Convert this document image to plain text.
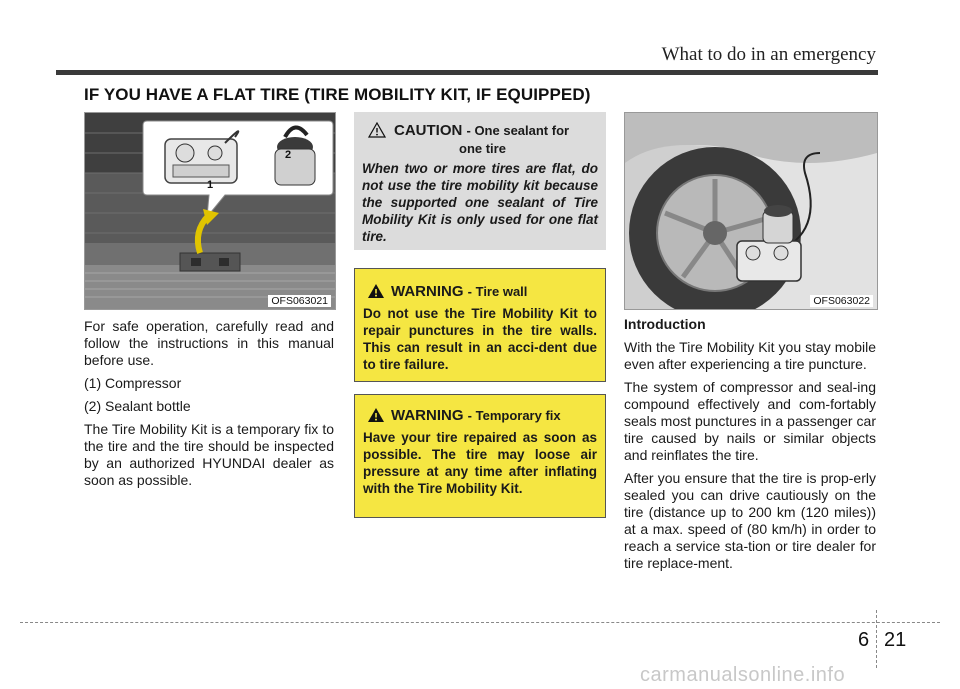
What to do in an emergency
IF YOU HAVE A FLAT TIRE (TIRE MOBILITY KIT, IF EQUIPPED)
1
2
OFS063021

For safe operation, carefully read and follow the instructions in this manual before use.

(1) Compressor

(2) Sealant bottle

The Tire Mobility Kit is a temporary fix to the tire and the tire should be inspected by an authorized HYUNDAI dealer as soon as possible.

CAUTION - One sealant for
one tire
When two or more tires are flat, do not use the tire mobility kit because the supported one sealant of Tire Mobility Kit is only used for one flat tire.
WARNING - Tire wall
Do not use the Tire Mobility Kit to repair punctures in the tire walls. This can result in an acci-dent due to tire failure.
WARNING - Temporary fix
Have your tire repaired as soon as possible. The tire may loose air pressure at any time after inflating with the Tire Mobility Kit.
OFS063022

Introduction

With the Tire Mobility Kit you stay mobile even after experiencing a tire puncture.

The system of compressor and seal-ing compound effectively and com-fortably seals most punctures in a passenger car tire caused by nails or similar objects and reinflates the tire.

After you ensure that the tire is prop-erly sealed you can drive cautiously on the tire (distance up to 200 km (120 miles)) at a max. speed of (80 km/h) in order to reach a service sta-tion or tire dealer for tire replace-ment.

6 21
carmanualsonline.info
